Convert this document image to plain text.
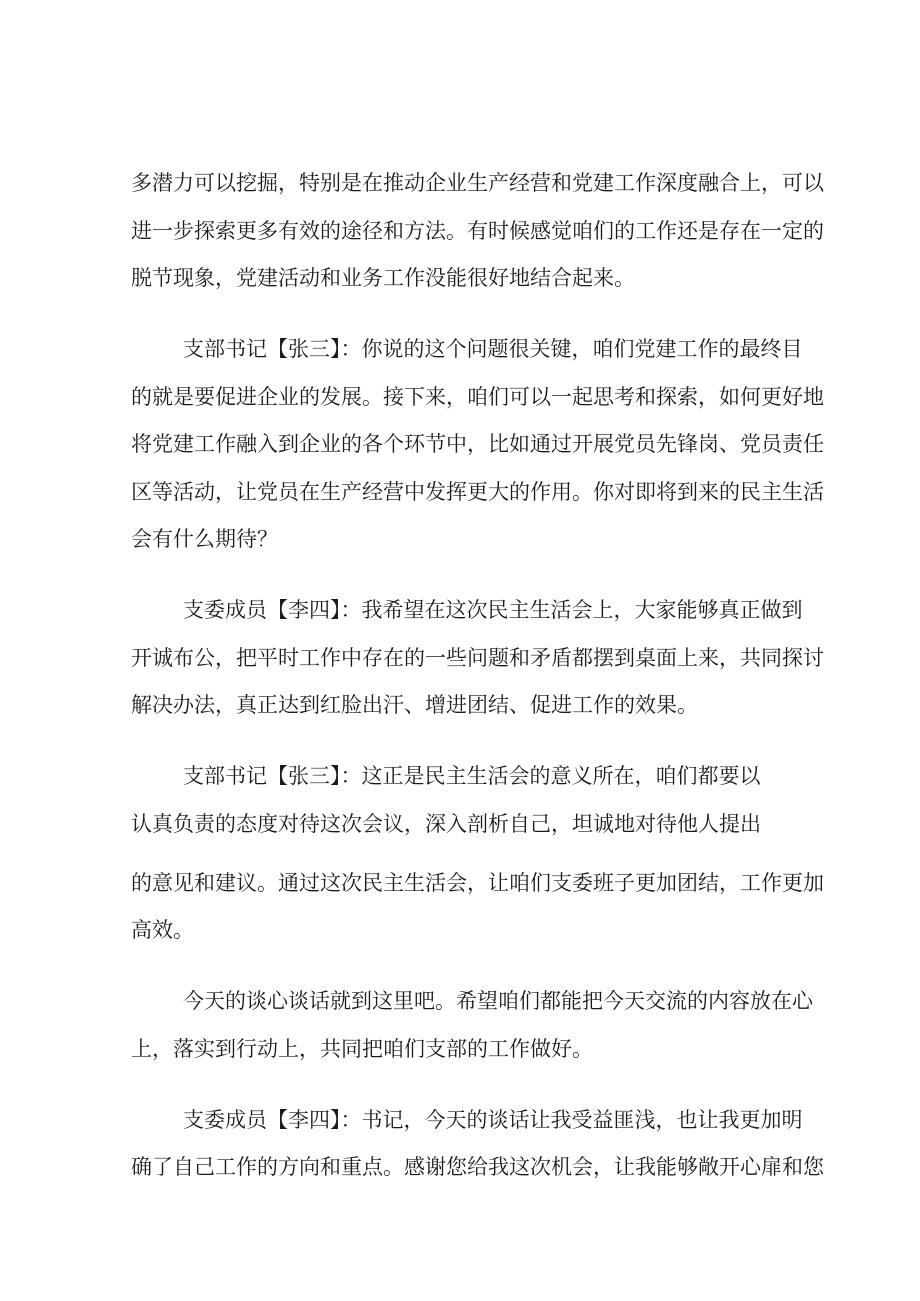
多潜力可以挖掘，特别是在推动企业生产经营和党建工作深度融合上，可以

进一步探索更多有效的途径和方法。有时候感觉咱们的工作还是存在一定的

脱节现象，党建活动和业务工作没能很好地结合起来。

支部书记【张三】：你说的这个问题很关键，咱们党建工作的最终目

的就是要促进企业的发展。接下来，咱们可以一起思考和探索，如何更好地

将党建工作融入到企业的各个环节中，比如通过开展党员先锋岗、党员责任

区等活动，让党员在生产经营中发挥更大的作用。你对即将到来的民主生活

会有什么期待？

支委成员【李四】：我希望在这次民主生活会上，大家能够真正做到

开诚布公，把平时工作中存在的一些问题和矛盾都摆到桌面上来，共同探讨

解决办法，真正达到红脸出汗、增进团结、促进工作的效果。

支部书记【张三】：这正是民主生活会的意义所在，咱们都要以

认真负责的态度对待这次会议，深入剖析自己，坦诚地对待他人提出

的意见和建议。通过这次民主生活会，让咱们支委班子更加团结，工作更加

高效。

今天的谈心谈话就到这里吧。希望咱们都能把今天交流的内容放在心

上，落实到行动上，共同把咱们支部的工作做好。

支委成员【李四】：书记，今天的谈话让我受益匪浅，也让我更加明

确了自己工作的方向和重点。感谢您给我这次机会，让我能够敞开心扉和您
